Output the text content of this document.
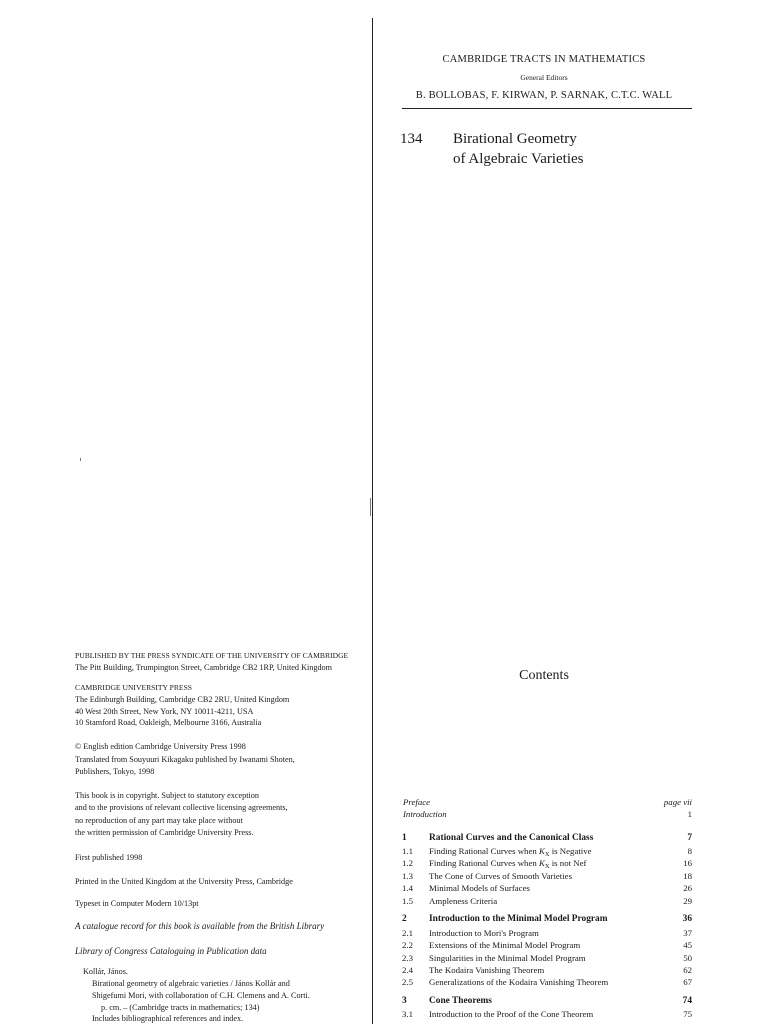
CAMBRIDGE TRACTS IN MATHEMATICS
General Editors
B. BOLLOBAS, F. KIRWAN, P. SARNAK, C.T.C. WALL
134 Birational Geometry
of Algebraic Varieties
PUBLISHED BY THE PRESS SYNDICATE OF THE UNIVERSITY OF CAMBRIDGE
The Pitt Building, Trumpington Street, Cambridge CB2 1RP, United Kingdom
CAMBRIDGE UNIVERSITY PRESS
The Edinburgh Building, Cambridge CB2 2RU, United Kingdom
40 West 20th Street, New York, NY 10011-4211, USA
10 Stamford Road, Oakleigh, Melbourne 3166, Australia
© English edition Cambridge University Press 1998
Translated from Souyuuri Kikagaku published by Iwanami Shoten,
Publishers, Tokyo, 1998
This book is in copyright. Subject to statutory exception
and to the provisions of relevant collective licensing agreements,
no reproduction of any part may take place without
the written permission of Cambridge University Press.
First published 1998
Printed in the United Kingdom at the University Press, Cambridge
Typeset in Computer Modern 10/13pt
A catalogue record for this book is available from the British Library
Library of Congress Cataloguing in Publication data
Kollár, János.
Birational geometry of algebraic varieties / János Kollár and
Shigefumi Mori, with collaboration of C.H. Clemens and A. Corti.
p. cm. – (Cambridge tracts in mathematics; 134)
Includes bibliographical references and index.
Contents
Preface	page vii
Introduction	1
1 Rational Curves and the Canonical Class	7
1.1 Finding Rational Curves when $K_X$ is Negative	8
1.2 Finding Rational Curves when $K_X$ is not Nef	16
1.3 The Cone of Curves of Smooth Varieties	18
1.4 Minimal Models of Surfaces	26
1.5 Ampleness Criteria	29
2 Introduction to the Minimal Model Program	36
2.1 Introduction to Mori's Program	37
2.2 Extensions of the Minimal Model Program	45
2.3 Singularities in the Minimal Model Program	50
2.4 The Kodaira Vanishing Theorem	62
2.5 Generalizations of the Kodaira Vanishing Theorem	67
3 Cone Theorems	74
3.1 Introduction to the Proof of the Cone Theorem	75
